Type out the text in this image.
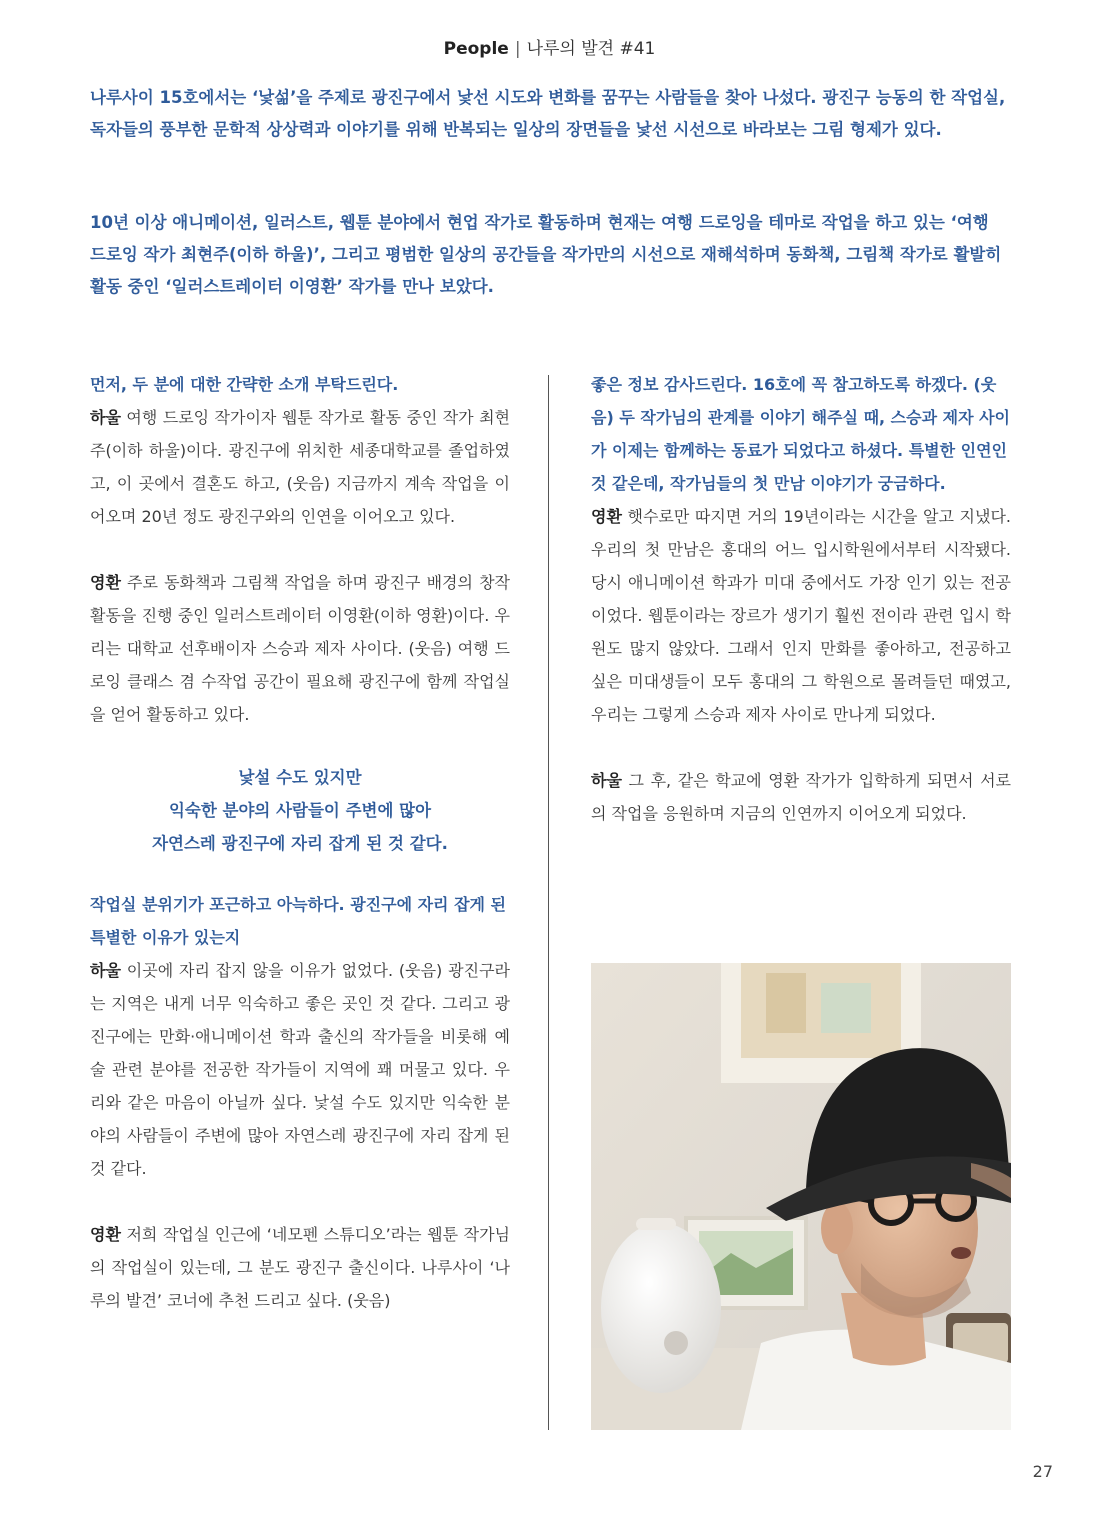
People | 나루의 발견 #41

나루사이 15호에서는 ‘낯섦’을 주제로 광진구에서 낯선 시도와 변화를 꿈꾸는 사람들을 찾아 나섰다. 광진구 능동의 한 작업실, 독자들의 풍부한 문학적 상상력과 이야기를 위해 반복되는 일상의 장면들을 낯선 시선으로 바라보는 그림 형제가 있다.

10년 이상 애니메이션, 일러스트, 웹툰 분야에서 현업 작가로 활동하며 현재는 여행 드로잉을 테마로 작업을 하고 있는 ‘여행 드로잉 작가 최현주(이하 하울)’, 그리고 평범한 일상의 공간들을 작가만의 시선으로 재해석하며 동화책, 그림책 작가로 활발히 활동 중인 ‘일러스트레이터 이영환’ 작가를 만나 보았다.

먼저, 두 분에 대한 간략한 소개 부탁드린다.

하울 여행 드로잉 작가이자 웹툰 작가로 활동 중인 작가 최현주(이하 하울)이다. 광진구에 위치한 세종대학교를 졸업하였고, 이 곳에서 결혼도 하고, (웃음) 지금까지 계속 작업을 이어오며 20년 정도 광진구와의 인연을 이어오고 있다.

영환 주로 동화책과 그림책 작업을 하며 광진구 배경의 창작 활동을 진행 중인 일러스트레이터 이영환(이하 영환)이다. 우리는 대학교 선후배이자 스승과 제자 사이다. (웃음) 여행 드로잉 클래스 겸 수작업 공간이 필요해 광진구에 함께 작업실을 얻어 활동하고 있다.

낯설 수도 있지만
익숙한 분야의 사람들이 주변에 많아
자연스레 광진구에 자리 잡게 된 것 같다.

작업실 분위기가 포근하고 아늑하다. 광진구에 자리 잡게 된 특별한 이유가 있는지

하울 이곳에 자리 잡지 않을 이유가 없었다. (웃음) 광진구라는 지역은 내게 너무 익숙하고 좋은 곳인 것 같다. 그리고 광진구에는 만화·애니메이션 학과 출신의 작가들을 비롯해 예술 관련 분야를 전공한 작가들이 지역에 꽤 머물고 있다. 우리와 같은 마음이 아닐까 싶다. 낯설 수도 있지만 익숙한 분야의 사람들이 주변에 많아 자연스레 광진구에 자리 잡게 된 것 같다.

영환 저희 작업실 인근에 ‘네모펜 스튜디오’라는 웹툰 작가님의 작업실이 있는데, 그 분도 광진구 출신이다. 나루사이 ‘나루의 발견’ 코너에 추천 드리고 싶다. (웃음)

좋은 정보 감사드린다. 16호에 꼭 참고하도록 하겠다. (웃음) 두 작가님의 관계를 이야기 해주실 때, 스승과 제자 사이가 이제는 함께하는 동료가 되었다고 하셨다. 특별한 인연인 것 같은데, 작가님들의 첫 만남 이야기가 궁금하다.

영환 햇수로만 따지면 거의 19년이라는 시간을 알고 지냈다. 우리의 첫 만남은 홍대의 어느 입시학원에서부터 시작됐다. 당시 애니메이션 학과가 미대 중에서도 가장 인기 있는 전공이었다. 웹툰이라는 장르가 생기기 훨씬 전이라 관련 입시 학원도 많지 않았다. 그래서 인지 만화를 좋아하고, 전공하고 싶은 미대생들이 모두 홍대의 그 학원으로 몰려들던 때였고, 우리는 그렇게 스승과 제자 사이로 만나게 되었다.

하울 그 후, 같은 학교에 영환 작가가 입학하게 되면서 서로의 작업을 응원하며 지금의 인연까지 이어오게 되었다.

27
